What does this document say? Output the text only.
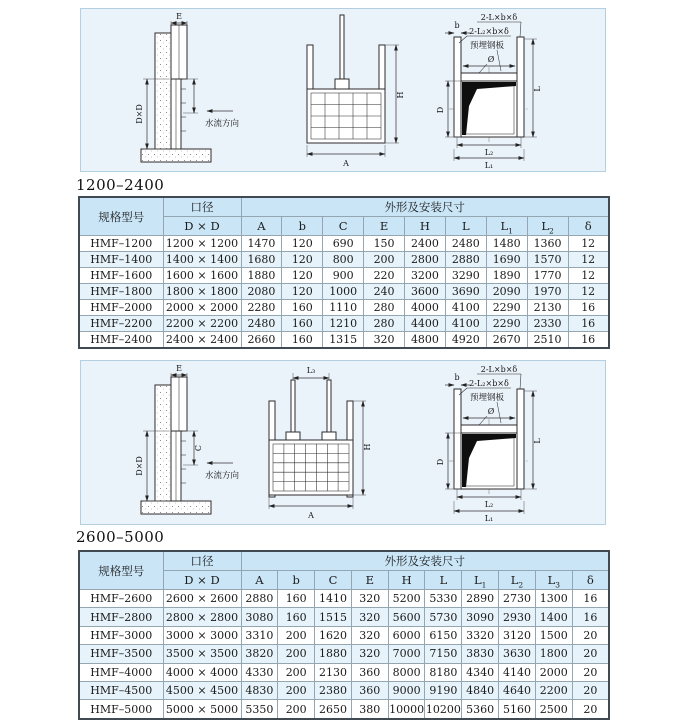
E
D×D
水流方向
H
A
b
2-L×b×δ
2-L₂×b×δ
预埋钢板
Ø
D
L
L₂
L₁
1200–2400
规格型号	口径	外形及安装尺寸								
	D × D	A	b	C	E	H	L	$L_1$	$L_2$	δ
HMF–1200	1200 × 1200	1470	120	690	150	2400	2480	1480	1360	12
HMF–1400	1400 × 1400	1680	120	800	200	2800	2880	1690	1570	12
HMF–1600	1600 × 1600	1880	120	900	220	3200	3290	1890	1770	12
HMF–1800	1800 × 1800	2080	120	1000	240	3600	3690	2090	1970	12
HMF–2000	2000 × 2000	2280	160	1110	280	4000	4100	2290	2130	16
HMF–2200	2200 × 2200	2480	160	1210	280	4400	4100	2290	2330	16
HMF–2400	2400 × 2400	2660	160	1315	320	4800	4920	2670	2510	16
E
D×D
C
水流方向
L₃
H
A
b
2-L×b×δ
2-L₂×b×δ
预埋钢板
Ø
D
L
L₂
L₁
2600–5000
规格型号	口径	外形及安装尺寸									
	D × D	A	b	C	E	H	L	$L_1$	$L_2$	$L_3$	δ
HMF–2600	2600 × 2600	2880	160	1410	320	5200	5330	2890	2730	1300	16
HMF–2800	2800 × 2800	3080	160	1515	320	5600	5730	3090	2930	1400	16
HMF–3000	3000 × 3000	3310	200	1620	320	6000	6150	3320	3120	1500	20
HMF–3500	3500 × 3500	3820	200	1880	320	7000	7150	3830	3630	1800	20
HMF–4000	4000 × 4000	4330	200	2130	360	8000	8180	4340	4140	2000	20
HMF–4500	4500 × 4500	4830	200	2380	360	9000	9190	4840	4640	2200	20
HMF–5000	5000 × 5000	5350	200	2650	380	10000	10200	5360	5160	2500	20
